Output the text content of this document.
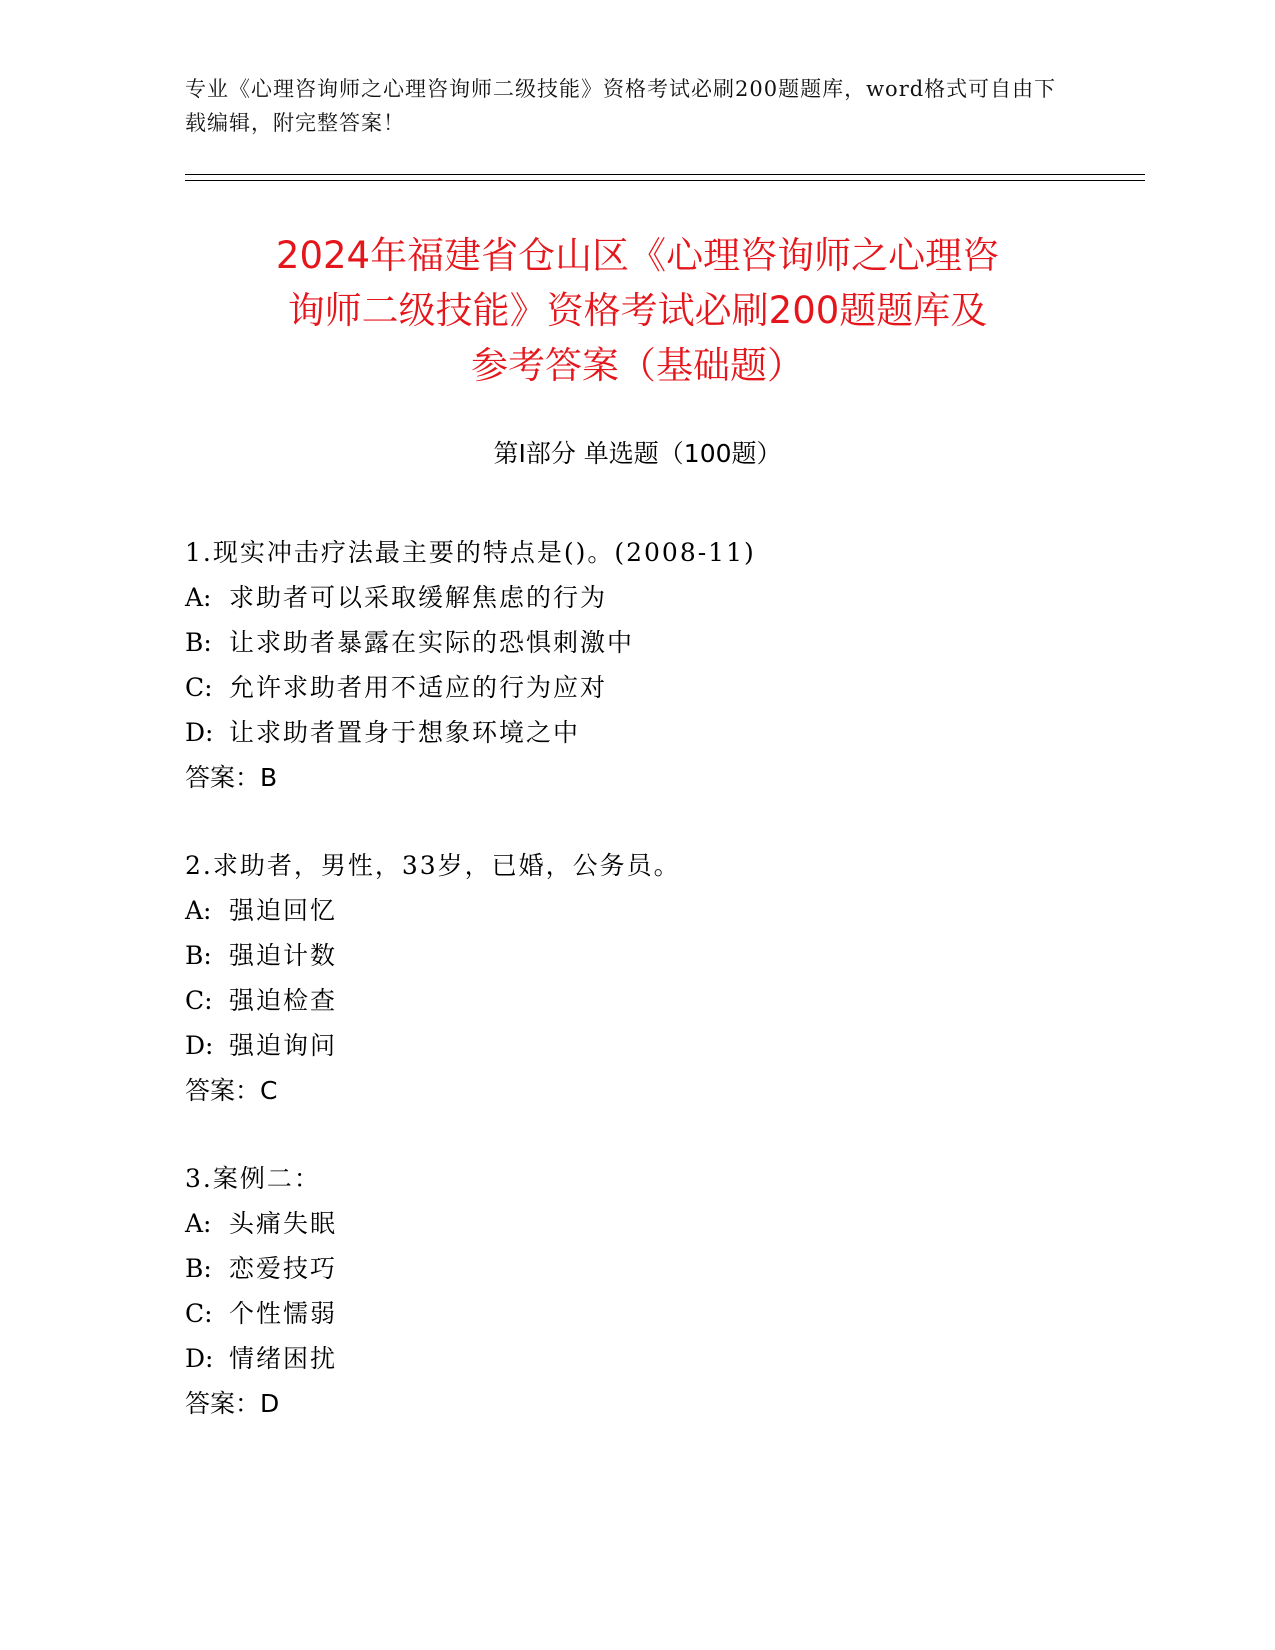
专业《心理咨询师之心理咨询师二级技能》资格考试必刷200题题库，word格式可自由下载编辑，附完整答案！
2024年福建省仓山区《心理咨询师之心理咨
询师二级技能》资格考试必刷200题题库及
参考答案（基础题）
第I部分 单选题（100题）
1.现实冲击疗法最主要的特点是()。(2008-11)
A: 求助者可以采取缓解焦虑的行为
B: 让求助者暴露在实际的恐惧刺激中
C: 允许求助者用不适应的行为应对
D: 让求助者置身于想象环境之中
答案：B
2.求助者，男性，33岁，已婚，公务员。
A: 强迫回忆
B: 强迫计数
C: 强迫检查
D: 强迫询问
答案：C
3.案例二：
A: 头痛失眠
B: 恋爱技巧
C: 个性懦弱
D: 情绪困扰
答案：D
